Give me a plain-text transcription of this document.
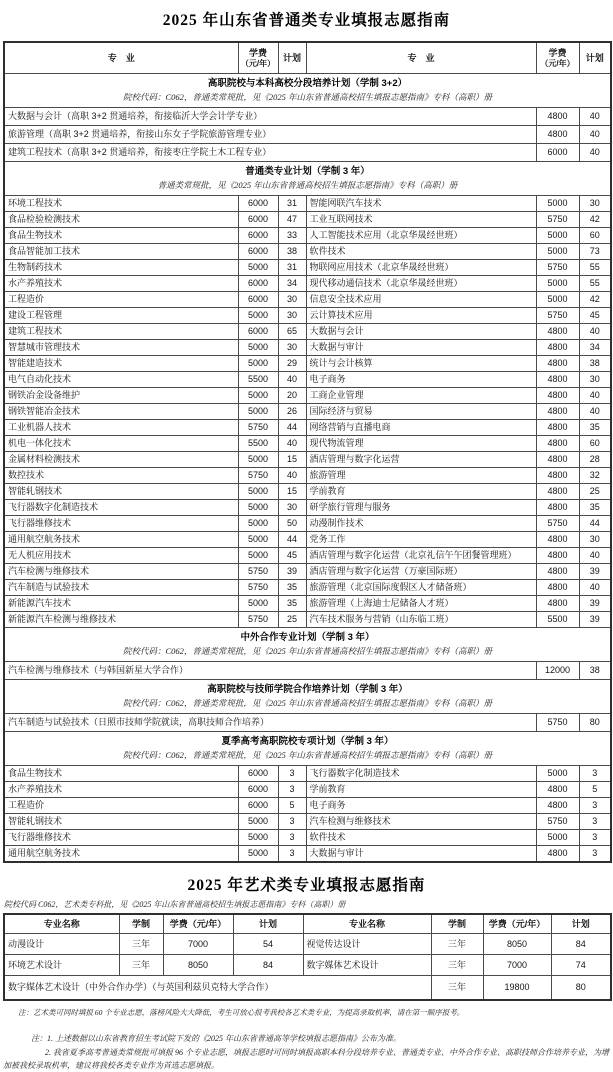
2025 年山东省普通类专业填报志愿指南
专　业	学费
（元/年）
	计划	专　业	学费
（元/年）
	计划

高职院校与本科高校分段培养计划（学制 3+2）
院校代码：C062，普通类常规批，见《2025 年山东省普通高校招生填报志愿指南》专科（高职）册					

大数据与会计（高职 3+2 贯通培养，衔接临沂大学会计学专业）				4800	40
旅游管理（高职 3+2 贯通培养，衔接山东女子学院旅游管理专业）				4800	40
建筑工程技术（高职 3+2 贯通培养，衔接枣庄学院土木工程专业）				6000	40

普通类专业计划（学制 3 年）
普通类常规批，见《2025 年山东省普通高校招生填报志愿指南》专科（高职）册					

环境工程技术	6000	31	智能网联汽车技术	5000	30
食品检验检测技术	6000	47	工业互联网技术	5750	42
食品生物技术	6000	33	人工智能技术应用（北京华晟经世班）	5000	60
食品智能加工技术	6000	38	软件技术	5000	73
生物制药技术	5000	31	物联网应用技术（北京华晟经世班）	5750	55
水产养殖技术	6000	34	现代移动通信技术（北京华晟经世班）	5000	55
工程造价	6000	30	信息安全技术应用	5000	42
建设工程管理	5000	30	云计算技术应用	5750	45
建筑工程技术	6000	65	大数据与会计	4800	40
智慧城市管理技术	5000	30	大数据与审计	4800	34
智能建造技术	5000	29	统计与会计核算	4800	38
电气自动化技术	5500	40	电子商务	4800	30
钢铁冶金设备维护	5000	20	工商企业管理	4800	40
钢铁智能冶金技术	5000	26	国际经济与贸易	4800	40
工业机器人技术	5750	44	网络营销与直播电商	4800	35
机电一体化技术	5500	40	现代物流管理	4800	60
金属材料检测技术	5000	15	酒店管理与数字化运营	4800	28
数控技术	5750	40	旅游管理	4800	32
智能轧钢技术	5000	15	学前教育	4800	25
飞行器数字化制造技术	5000	30	研学旅行管理与服务	4800	35
飞行器维修技术	5000	50	动漫制作技术	5750	44
通用航空航务技术	5000	44	党务工作	4800	30
无人机应用技术	5000	45	酒店管理与数字化运营（北京礼信午午团餐管理班）	4800	40
汽车检测与维修技术	5750	39	酒店管理与数字化运营（万豪国际班）	4800	39
汽车制造与试验技术	5750	35	旅游管理（北京国际度假区人才储备班）	4800	40
新能源汽车技术	5000	35	旅游管理（上海迪士尼储备人才班）	4800	39
新能源汽车检测与维修技术	5750	25	汽车技术服务与营销（山东临工班）	5500	39

中外合作专业计划（学制 3 年）
院校代码：C062，普通类常规批，见《2025 年山东省普通高校招生填报志愿指南》专科（高职）册					

汽车检测与维修技术（与韩国新星大学合作）				12000	38

高职院校与技师学院合作培养计划（学制 3 年）
院校代码：C062，普通类常规批，见《2025 年山东省普通高校招生填报志愿指南》专科（高职）册					

汽车制造与试验技术（日照市技师学院就读，高职技师合作培养）				5750	80

夏季高考高职院校专项计划（学制 3 年）
院校代码：C062，普通类常规批，见《2025 年山东省普通高校招生填报志愿指南》专科（高职）册					

食品生物技术	6000	3	飞行器数字化制造技术	5000	3
水产养殖技术	6000	3	学前教育	4800	5
工程造价	6000	5	电子商务	4800	3
智能轧钢技术	5000	3	汽车检测与维修技术	5750	3
飞行器维修技术	5000	3	软件技术	5000	3
通用航空航务技术	5000	3	大数据与审计	4800	3
2025 年艺术类专业填报志愿指南

院校代码 C062，艺术类专科批，见《2025 年山东省普通高校招生填报志愿指南》专科（高职）册

专业名称	学制	学费（元/年）	计划	专业名称	学制	学费（元/年）	计划
动漫设计	三年	7000	54	视觉传达设计	三年	8050	84
环境艺术设计	三年	8050	84	数字媒体艺术设计	三年	7000	74
数字媒体艺术设计（中外合作办学）（与英国利兹贝克特大学合作）					三年	19800	80

注：艺术类可同时填报 60 个专业志愿，落榜风险大大降低，考生可放心报考我校各艺术类专业，为提高录取机率，请在第一顺序报考。

注：1. 上述数据以山东省教育招生考试院下发的《2025 年山东省普通高等学校填报志愿指南》公布为准。

2. 我省夏季高考普通类常规批可填报 96 个专业志愿，填报志愿时可同时填报高职本科分段培养专业、普通类专业、中外合作专业、高职技师合作培养专业，为增加被我校录取机率，建议将我校各类专业作为首选志愿填报。
